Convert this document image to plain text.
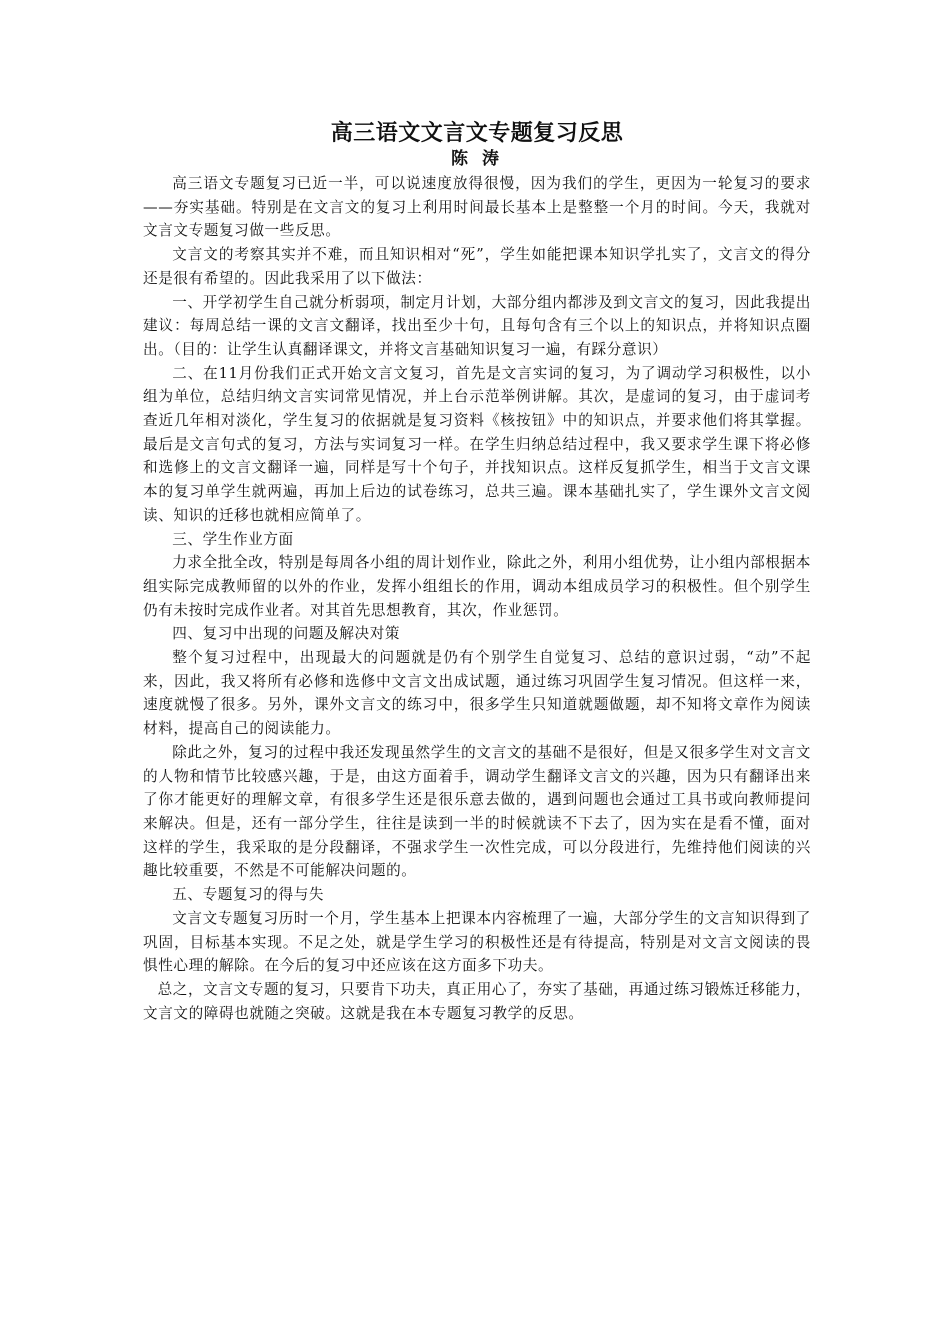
高三语文文言文专题复习反思
陈 涛

高三语文专题复习已近一半，可以说速度放得很慢，因为我们的学生，更因为一轮复习的要求——夯实基础。特别是在文言文的复习上利用时间最长基本上是整整一个月的时间。今天，我就对文言文专题复习做一些反思。

文言文的考察其实并不难，而且知识相对“死”，学生如能把课本知识学扎实了，文言文的得分还是很有希望的。因此我采用了以下做法：

一、开学初学生自己就分析弱项，制定月计划，大部分组内都涉及到文言文的复习，因此我提出建议：每周总结一课的文言文翻译，找出至少十句，且每句含有三个以上的知识点，并将知识点圈出。（目的：让学生认真翻译课文，并将文言基础知识复习一遍，有踩分意识）

二、在11月份我们正式开始文言文复习，首先是文言实词的复习，为了调动学习积极性，以小组为单位，总结归纳文言实词常见情况，并上台示范举例讲解。其次，是虚词的复习，由于虚词考查近几年相对淡化，学生复习的依据就是复习资料《核按钮》中的知识点，并要求他们将其掌握。最后是文言句式的复习，方法与实词复习一样。在学生归纳总结过程中，我又要求学生课下将必修和选修上的文言文翻译一遍，同样是写十个句子，并找知识点。这样反复抓学生，相当于文言文课本的复习单学生就两遍，再加上后边的试卷练习，总共三遍。课本基础扎实了，学生课外文言文阅读、知识的迁移也就相应简单了。

三、学生作业方面

力求全批全改，特别是每周各小组的周计划作业，除此之外，利用小组优势，让小组内部根据本组实际完成教师留的以外的作业，发挥小组组长的作用，调动本组成员学习的积极性。但个别学生仍有未按时完成作业者。对其首先思想教育，其次，作业惩罚。

四、复习中出现的问题及解决对策

整个复习过程中，出现最大的问题就是仍有个别学生自觉复习、总结的意识过弱，“动”不起来，因此，我又将所有必修和选修中文言文出成试题，通过练习巩固学生复习情况。但这样一来，速度就慢了很多。另外，课外文言文的练习中，很多学生只知道就题做题，却不知将文章作为阅读材料，提高自己的阅读能力。

除此之外，复习的过程中我还发现虽然学生的文言文的基础不是很好，但是又很多学生对文言文的人物和情节比较感兴趣，于是，由这方面着手，调动学生翻译文言文的兴趣，因为只有翻译出来了你才能更好的理解文章，有很多学生还是很乐意去做的，遇到问题也会通过工具书或向教师提问来解决。但是，还有一部分学生，往往是读到一半的时候就读不下去了，因为实在是看不懂，面对这样的学生，我采取的是分段翻译，不强求学生一次性完成，可以分段进行，先维持他们阅读的兴趣比较重要，不然是不可能解决问题的。

五、专题复习的得与失

文言文专题复习历时一个月，学生基本上把课本内容梳理了一遍，大部分学生的文言知识得到了巩固，目标基本实现。不足之处，就是学生学习的积极性还是有待提高，特别是对文言文阅读的畏惧性心理的解除。在今后的复习中还应该在这方面多下功夫。

总之，文言文专题的复习，只要肯下功夫，真正用心了，夯实了基础，再通过练习锻炼迁移能力，文言文的障碍也就随之突破。这就是我在本专题复习教学的反思。
